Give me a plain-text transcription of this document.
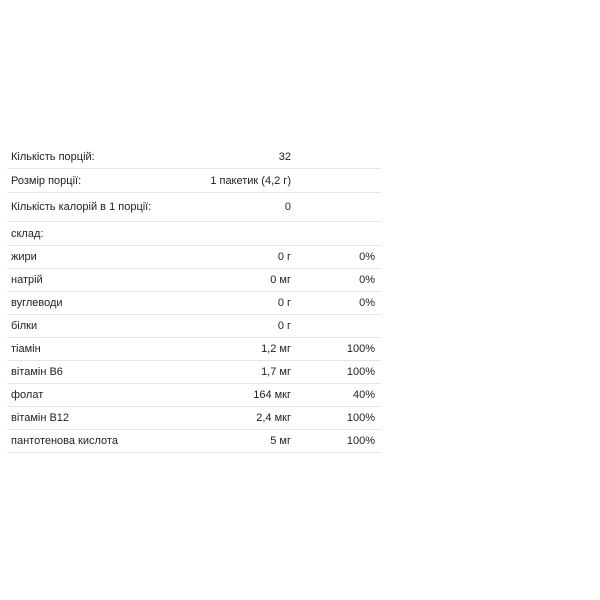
Кількість порцій:	32	
Розмір порції:	1 пакетик (4,2 г)	
Кількість калорій в 1 порції:	0	
склад:		
жири	0 г	0%
натрій	0 мг	0%
вуглеводи	0 г	0%
білки	0 г	
тіамін	1,2 мг	100%
вітамін B6	1,7 мг	100%
фолат	164 мкг	40%
вітамін B12	2,4 мкг	100%
пантотенова кислота	5 мг	100%
